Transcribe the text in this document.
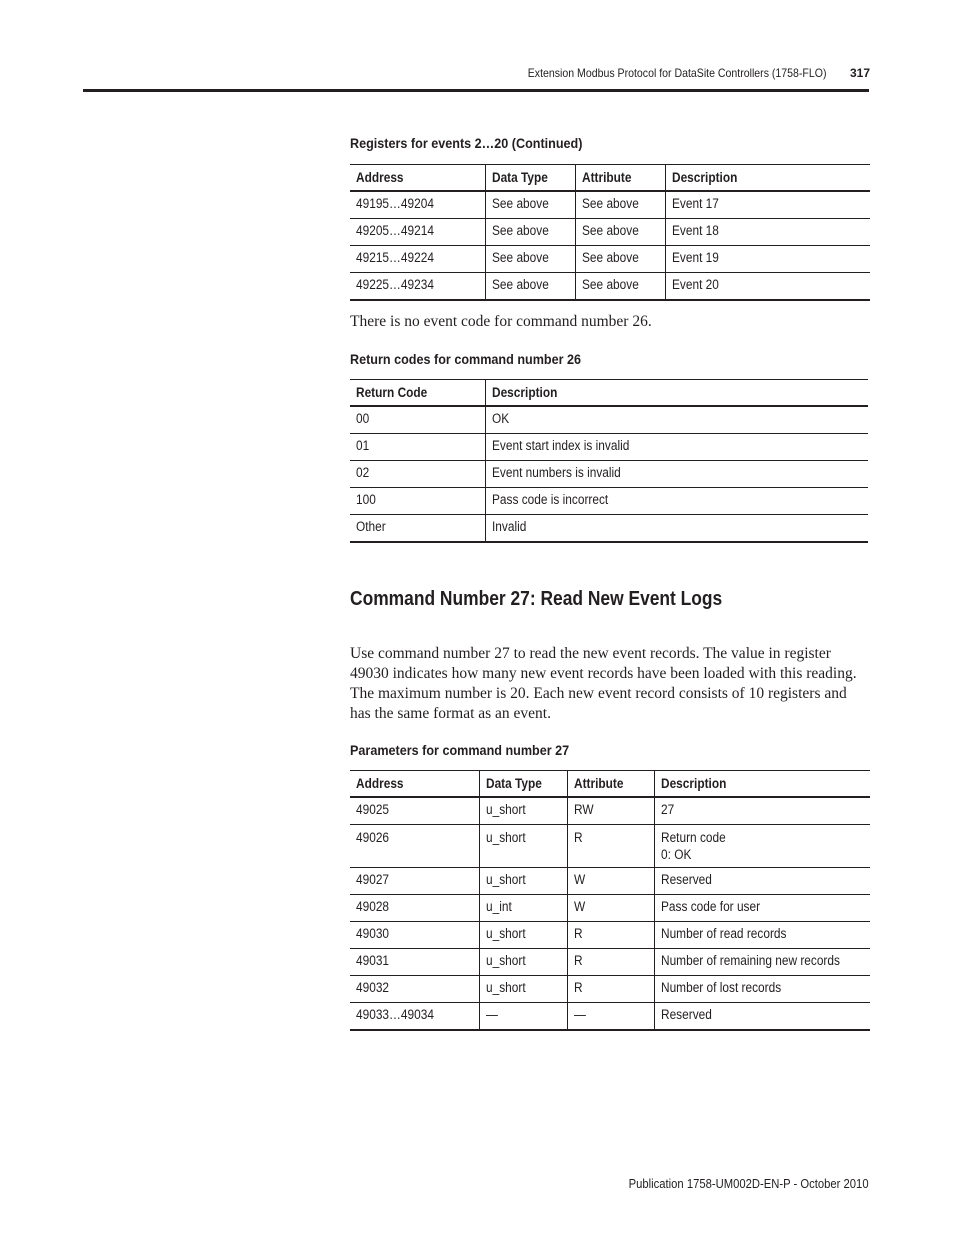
Extension Modbus Protocol for DataSite Controllers (1758-FLO) 317
Registers for events 2…20 (Continued)
Address	Data Type	Attribute	Description
49195…49204	See above	See above	Event 17
49205…49214	See above	See above	Event 18
49215…49224	See above	See above	Event 19
49225…49234	See above	See above	Event 20
There is no event code for command number 26.
Return codes for command number 26
Return Code	Description
00	OK
01	Event start index is invalid
02	Event numbers is invalid
100	Pass code is incorrect
Other	Invalid
Command Number 27: Read New Event Logs
Use command number 27 to read the new event records. The value in register 49030 indicates how many new event records have been loaded with this reading. The maximum number is 20. Each new event record consists of 10 registers and has the same format as an event.
Parameters for command number 27
Address	Data Type	Attribute	Description
49025	u_short	RW	27
49026	u_short	R	Return code
0: OK
49027	u_short	W	Reserved
49028	u_int	W	Pass code for user
49030	u_short	R	Number of read records
49031	u_short	R	Number of remaining new records
49032	u_short	R	Number of lost records
49033…49034	—	—	Reserved
Publication 1758-UM002D-EN-P - October 2010
